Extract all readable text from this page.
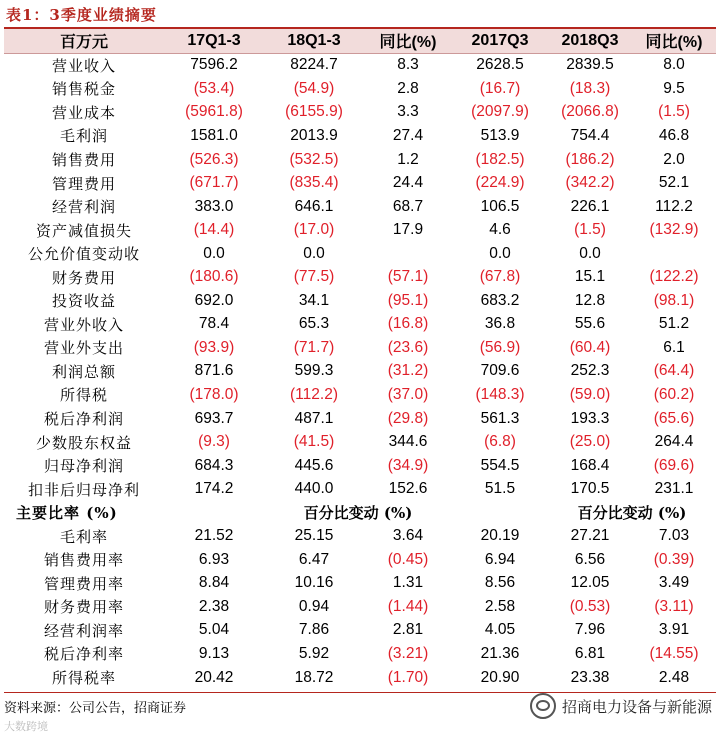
表1：3季度业绩摘要
百万元	17Q1-3	18Q1-3	同比(%)	2017Q3	2018Q3	同比(%)
营业收入	7596.2	8224.7	8.3	2628.5	2839.5	8.0
销售税金	(53.4)	(54.9)	2.8	(16.7)	(18.3)	9.5
营业成本	(5961.8)	(6155.9)	3.3	(2097.9)	(2066.8)	(1.5)
毛利润	1581.0	2013.9	27.4	513.9	754.4	46.8
销售费用	(526.3)	(532.5)	1.2	(182.5)	(186.2)	2.0
管理费用	(671.7)	(835.4)	24.4	(224.9)	(342.2)	52.1
经营利润	383.0	646.1	68.7	106.5	226.1	112.2
资产减值损失	(14.4)	(17.0)	17.9	4.6	(1.5)	(132.9)
公允价值变动收	0.0	0.0		0.0	0.0	
财务费用	(180.6)	(77.5)	(57.1)	(67.8)	15.1	(122.2)
投资收益	692.0	34.1	(95.1)	683.2	12.8	(98.1)
营业外收入	78.4	65.3	(16.8)	36.8	55.6	51.2
营业外支出	(93.9)	(71.7)	(23.6)	(56.9)	(60.4)	6.1
利润总额	871.6	599.3	(31.2)	709.6	252.3	(64.4)
所得税	(178.0)	(112.2)	(37.0)	(148.3)	(59.0)	(60.2)
税后净利润	693.7	487.1	(29.8)	561.3	193.3	(65.6)
少数股东权益	(9.3)	(41.5)	344.6	(6.8)	(25.0)	264.4
归母净利润	684.3	445.6	(34.9)	554.5	168.4	(69.6)
扣非后归母净利	174.2	440.0	152.6	51.5	170.5	231.1
主要比率 (%)		百分比变动 (%)			百分比变动 (%)	
毛利率	21.52	25.15	3.64	20.19	27.21	7.03
销售费用率	6.93	6.47	(0.45)	6.94	6.56	(0.39)
管理费用率	8.84	10.16	1.31	8.56	12.05	3.49
财务费用率	2.38	0.94	(1.44)	2.58	(0.53)	(3.11)
经营利润率	5.04	7.86	2.81	4.05	7.96	3.91
税后净利率	9.13	5.92	(3.21)	21.36	6.81	(14.55)
所得税率	20.42	18.72	(1.70)	20.90	23.38	2.48
资料来源：公司公告，招商证券	招商电力设备与新能源
大数跨境
